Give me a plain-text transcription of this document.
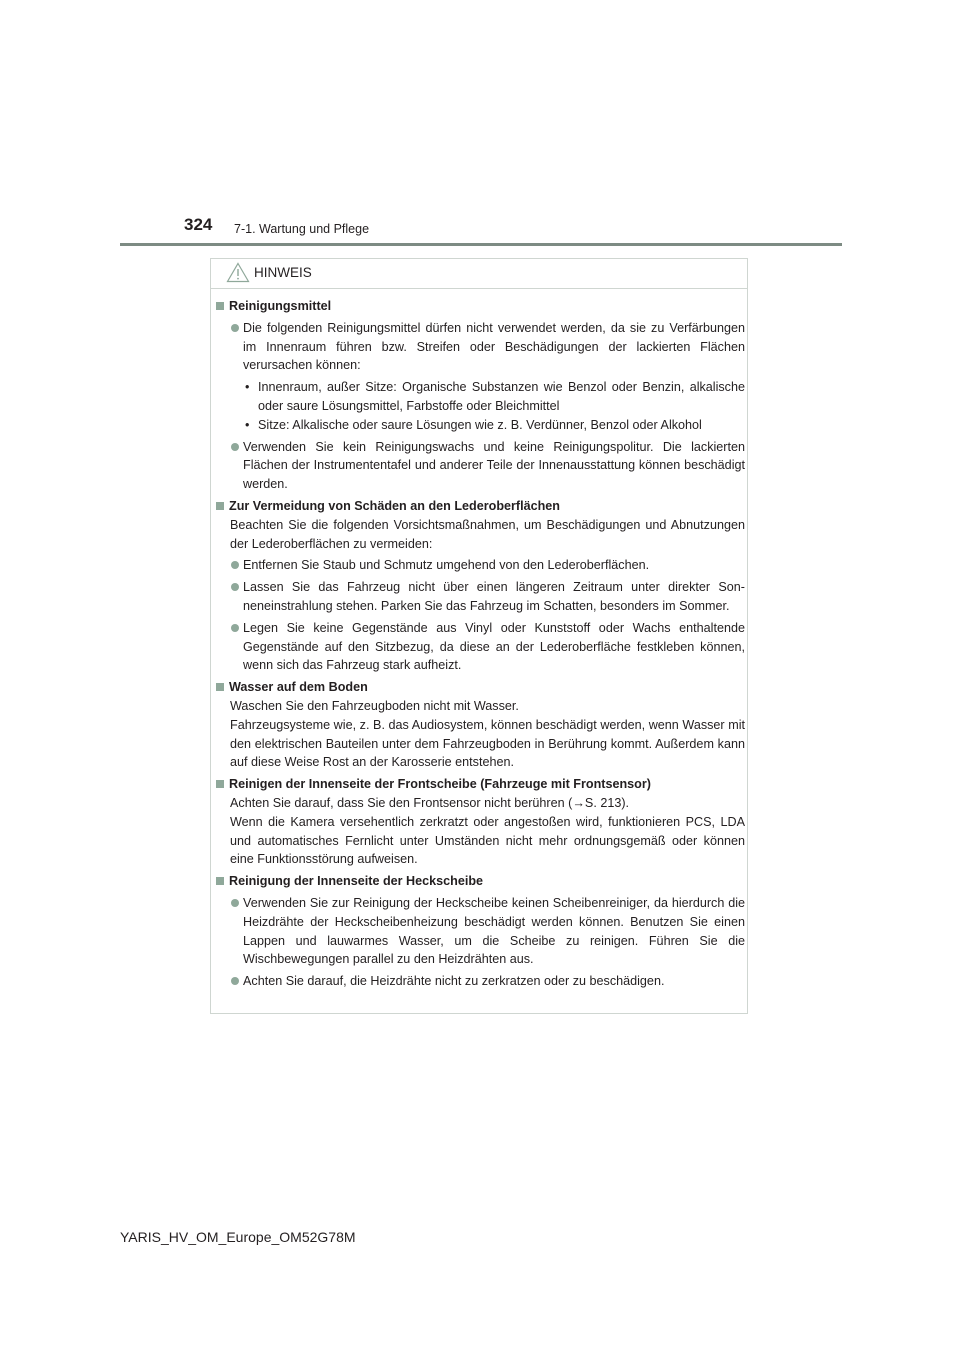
324 7-1. Wartung und Pflege
HINWEIS
Reinigungsmittel
Die folgenden Reinigungsmittel dürfen nicht verwendet werden, da sie zu Verfärbungen im Innenraum führen bzw. Streifen oder Beschädigungen der lackierten Flächen verursachen können:
• Innenraum, außer Sitze: Organische Substanzen wie Benzol oder Benzin, alkalische oder saure Lösungsmittel, Farbstoffe oder Bleichmittel
• Sitze: Alkalische oder saure Lösungen wie z. B. Verdünner, Benzol oder Alkohol
Verwenden Sie kein Reinigungswachs und keine Reinigungspolitur. Die lackierten Flächen der Instrumententafel und anderer Teile der Innenausstattung können beschädigt werden.
Zur Vermeidung von Schäden an den Lederoberflächen
Beachten Sie die folgenden Vorsichtsmaßnahmen, um Beschädigungen und Abnutzungen der Lederoberflächen zu vermeiden:
Entfernen Sie Staub und Schmutz umgehend von den Lederoberflächen.
Lassen Sie das Fahrzeug nicht über einen längeren Zeitraum unter direkter Sonneneinstrahlung stehen. Parken Sie das Fahrzeug im Schatten, besonders im Sommer.
Legen Sie keine Gegenstände aus Vinyl oder Kunststoff oder Wachs enthaltende Gegenstände auf den Sitzbezug, da diese an der Lederoberfläche festkleben können, wenn sich das Fahrzeug stark aufheizt.
Wasser auf dem Boden
Waschen Sie den Fahrzeugboden nicht mit Wasser.
Fahrzeugsysteme wie, z. B. das Audiosystem, können beschädigt werden, wenn Wasser mit den elektrischen Bauteilen unter dem Fahrzeugboden in Berührung kommt. Außerdem kann auf diese Weise Rost an der Karosserie entstehen.
Reinigen der Innenseite der Frontscheibe (Fahrzeuge mit Frontsensor)
Achten Sie darauf, dass Sie den Frontsensor nicht berühren (→S. 213).
Wenn die Kamera versehentlich zerkratzt oder angestoßen wird, funktionieren PCS, LDA und automatisches Fernlicht unter Umständen nicht mehr ordnungsgemäß oder können eine Funktionsstörung aufweisen.
Reinigung der Innenseite der Heckscheibe
Verwenden Sie zur Reinigung der Heckscheibe keinen Scheibenreiniger, da hierdurch die Heizdrähte der Heckscheibenheizung beschädigt werden können. Benutzen Sie einen Lappen und lauwarmes Wasser, um die Scheibe zu reinigen. Führen Sie die Wischbewegungen parallel zu den Heizdrähten aus.
Achten Sie darauf, die Heizdrähte nicht zu zerkratzen oder zu beschädigen.
YARIS_HV_OM_Europe_OM52G78M
